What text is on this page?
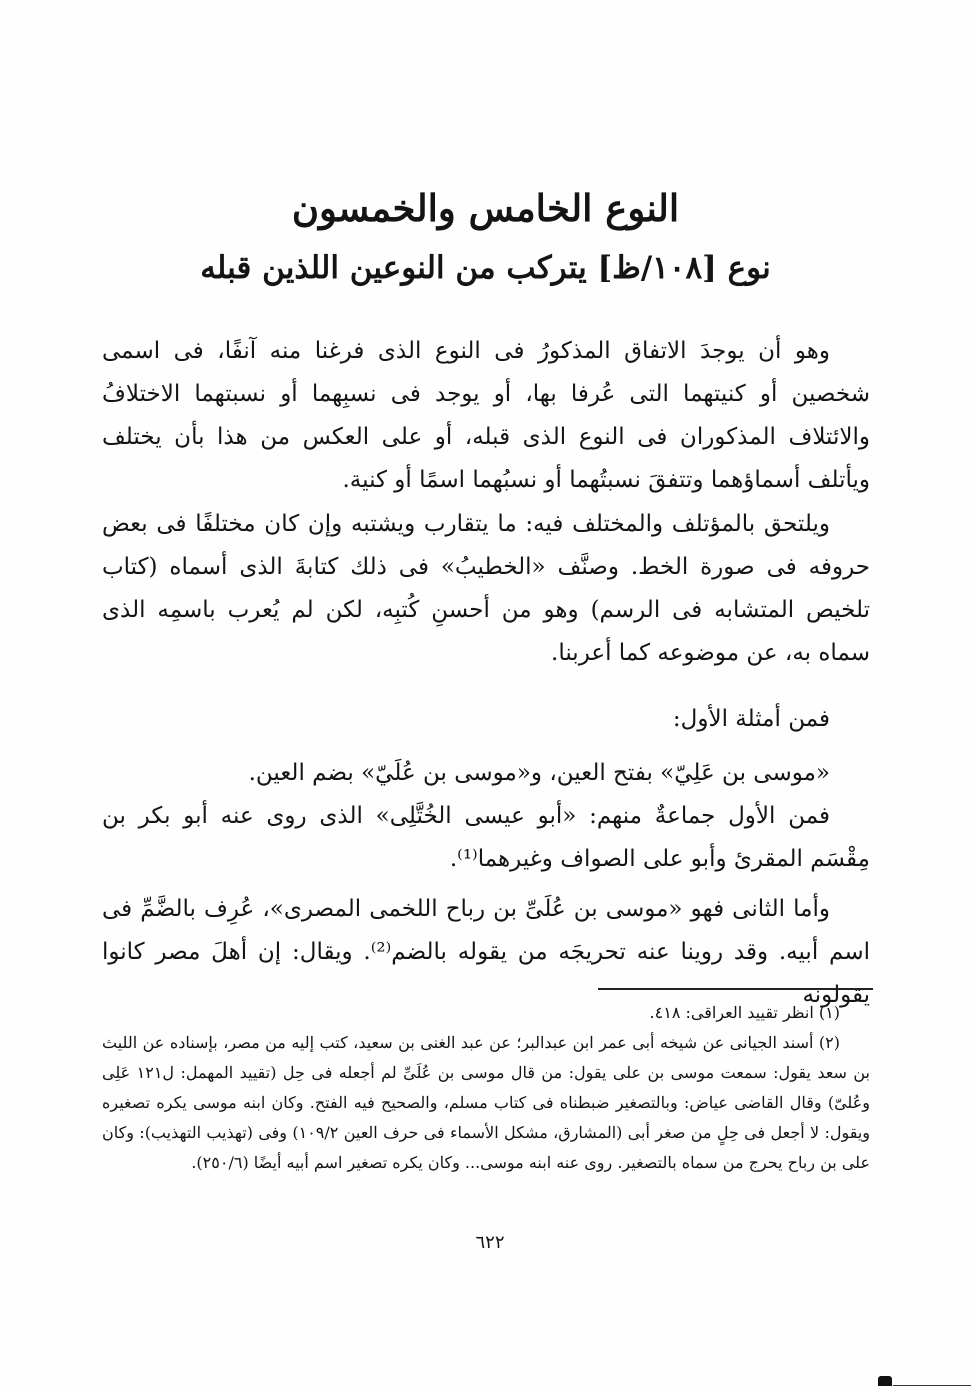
النوع الخامس والخمسون
نوع [١٠٨/ظ] يتركب من النوعين اللذين قبله

وهو أن يوجدَ الاتفاق المذكورُ فى النوع الذى فرغنا منه آنفًا، فى اسمى شخصين أو كنيتهما التى عُرفا بها، أو يوجد فى نسبِهما أو نسبتهما الاختلافُ والائتلاف المذكوران فى النوع الذى قبله، أو على العكس من هذا بأن يختلف ويأتلف أسماؤهما وتتفقَ نسبتُهما أو نسبُهما اسمًا أو كنية.

ويلتحق بالمؤتلف والمختلف فيه: ما يتقارب ويشتبه وإن كان مختلفًا فى بعض حروفه فى صورة الخط. وصنَّف «الخطيبُ» فى ذلك كتابةَ الذى أسماه (كتاب تلخيص المتشابه فى الرسم) وهو من أحسنِ كُتبِه، لكن لم يُعرب باسمِه الذى سماه به، عن موضوعه كما أعربنا.

فمن أمثلة الأول:

«موسى بن عَلِيّ» بفتح العين، و«موسى بن عُلَيّ» بضم العين.

فمن الأول جماعةٌ منهم: «أبو عيسى الخُتَّلِى» الذى روى عنه أبو بكر بن مِقْسَم المقرئ وأبو على الصواف وغيرهما⁽¹⁾.

وأما الثانى فهو «موسى بن عُلَىِّ بن رباح اللخمى المصرى»، عُرِف بالضَّمِّ فى اسم أبيه. وقد روينا عنه تحريجَه من يقوله بالضم⁽²⁾. ويقال: إن أهلَ مصر كانوا يقولونه

(١) انظر تقييد العراقى: ٤١٨.

(٢) أسند الجيانى عن شيخه أبى عمر ابن عبدالبر؛ عن عبد الغنى بن سعيد، كتب إليه من مصر، بإسناده عن الليث بن سعد يقول: سمعت موسى بن على يقول: من قال موسى بن عُلَىِّ لم أجعله فى حِل (تقييد المهمل: ل١٢١ عَلِى وعُلىّ) وقال القاضى عياض: وبالتصغير ضبطناه فى كتاب مسلم، والصحيح فيه الفتح. وكان ابنه موسى يكره تصغيره ويقول: لا أجعل فى حِلٍ من صغر أبى (المشارق، مشكل الأسماء فى حرف العين ١٠٩/٢) وفى (تهذيب التهذيب): وكان على بن رباح يحرج من سماه بالتصغير. روى عنه ابنه موسى... وكان يكره تصغير اسم أبيه أيضًا (٢٥٠/٦).

٦٢٢
